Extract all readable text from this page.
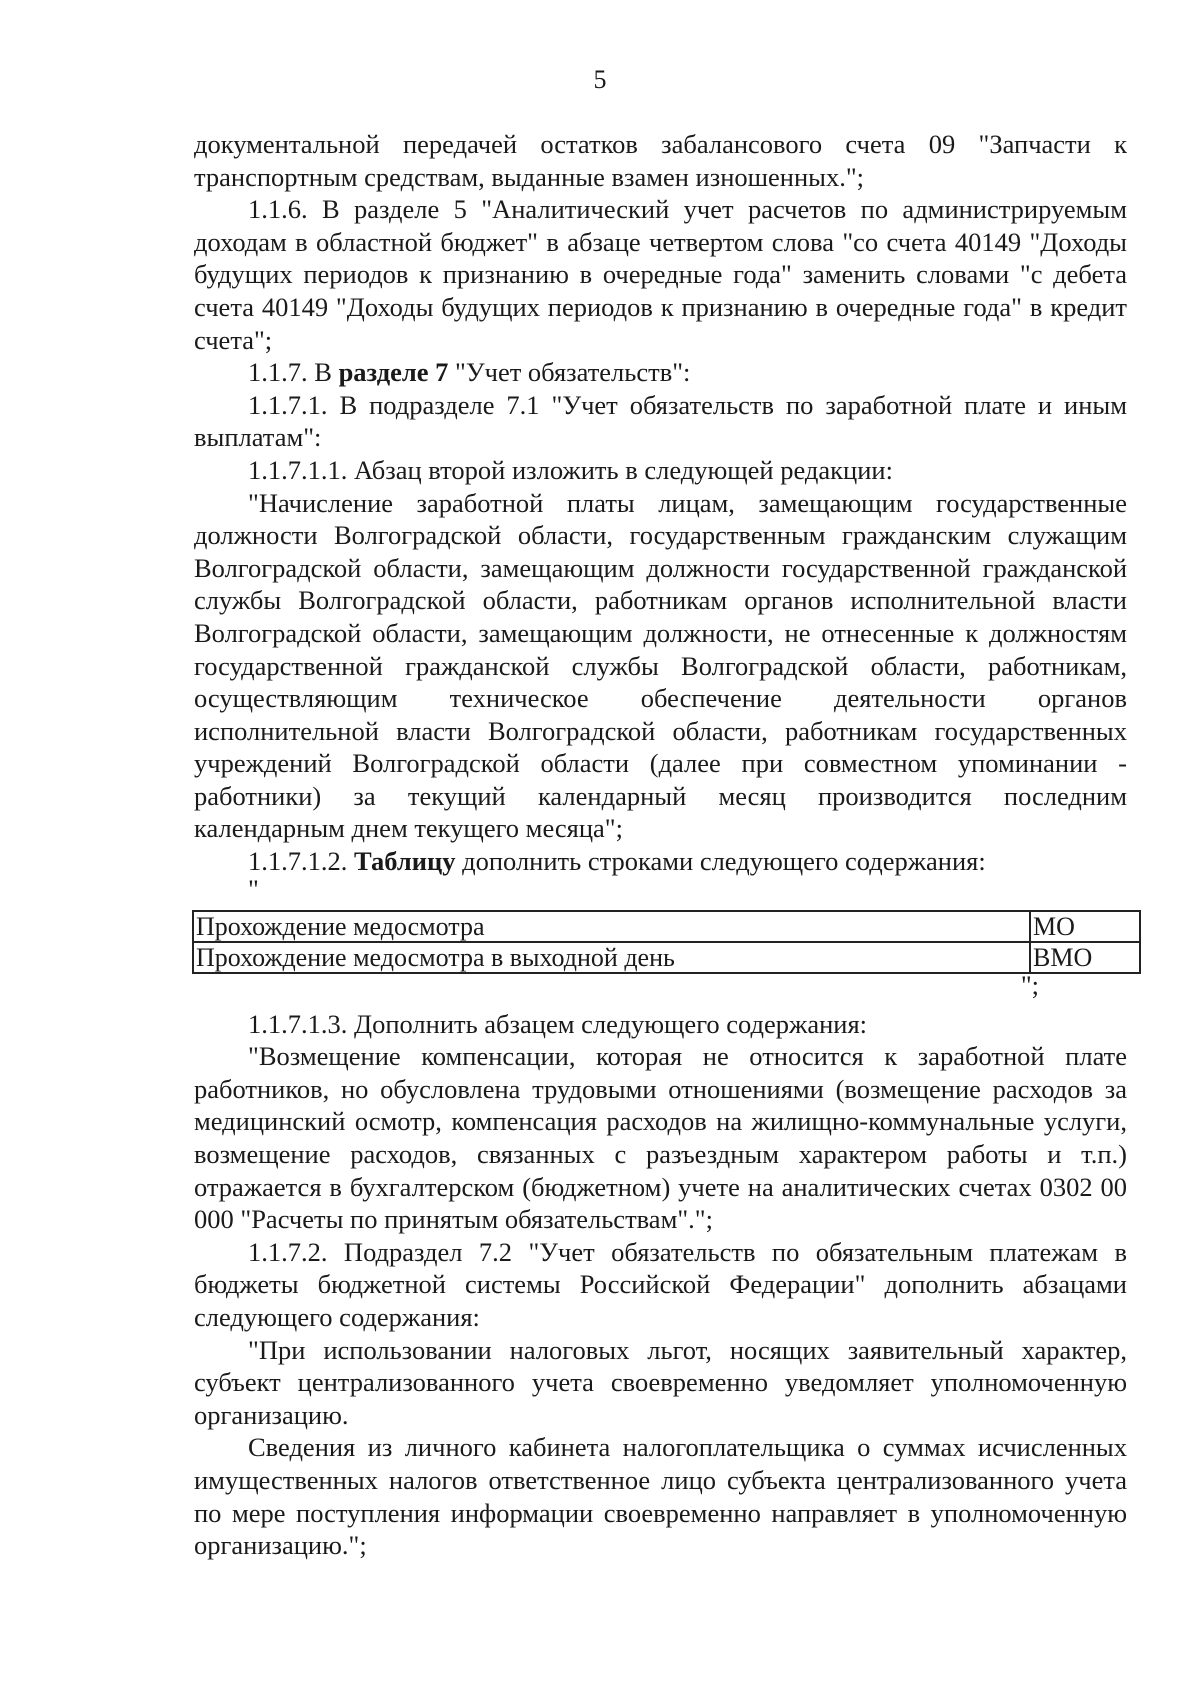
5

документальной передачей остатков забалансового счета 09 "Запчасти к транспортным средствам, выданные взамен изношенных.";

1.1.6. В разделе 5 "Аналитический учет расчетов по администрируемым доходам в областной бюджет" в абзаце четвертом слова "со счета 40149 "Доходы будущих периодов к признанию в очередные года" заменить словами "с дебета счета 40149 "Доходы будущих периодов к признанию в очередные года" в кредит счета";

1.1.7. В разделе 7 "Учет обязательств":

1.1.7.1. В подразделе 7.1 "Учет обязательств по заработной плате и иным выплатам":

1.1.7.1.1. Абзац второй изложить в следующей редакции:

"Начисление заработной платы лицам, замещающим государственные должности Волгоградской области, государственным гражданским служащим Волгоградской области, замещающим должности государственной гражданской службы Волгоградской области, работникам органов исполнительной власти Волгоградской области, замещающим должности, не отнесенные к должностям государственной гражданской службы Волгоградской области, работникам, осуществляющим техническое обеспечение деятельности органов исполнительной власти Волгоградской области, работникам государственных учреждений Волгоградской области (далее при совместном упоминании - работники) за текущий календарный месяц производится последним календарным днем текущего месяца";

1.1.7.1.2. Таблицу дополнить строками следующего содержания:

"

Прохождение медосмотра	МО
Прохождение медосмотра в выходной день	ВМО

";

1.1.7.1.3. Дополнить абзацем следующего содержания:

"Возмещение компенсации, которая не относится к заработной плате работников, но обусловлена трудовыми отношениями (возмещение расходов за медицинский осмотр, компенсация расходов на жилищно-коммунальные услуги, возмещение расходов, связанных с разъездным характером работы и т.п.) отражается в бухгалтерском (бюджетном) учете на аналитических счетах 0302 00 000 "Расчеты по принятым обязательствам".";

1.1.7.2. Подраздел 7.2 "Учет обязательств по обязательным платежам в бюджеты бюджетной системы Российской Федерации" дополнить абзацами следующего содержания:

"При использовании налоговых льгот, носящих заявительный характер, субъект централизованного учета своевременно уведомляет уполномоченную организацию.

Сведения из личного кабинета налогоплательщика о суммах исчисленных имущественных налогов ответственное лицо субъекта централизованного учета по мере поступления информации своевременно направляет в уполномоченную организацию.";
